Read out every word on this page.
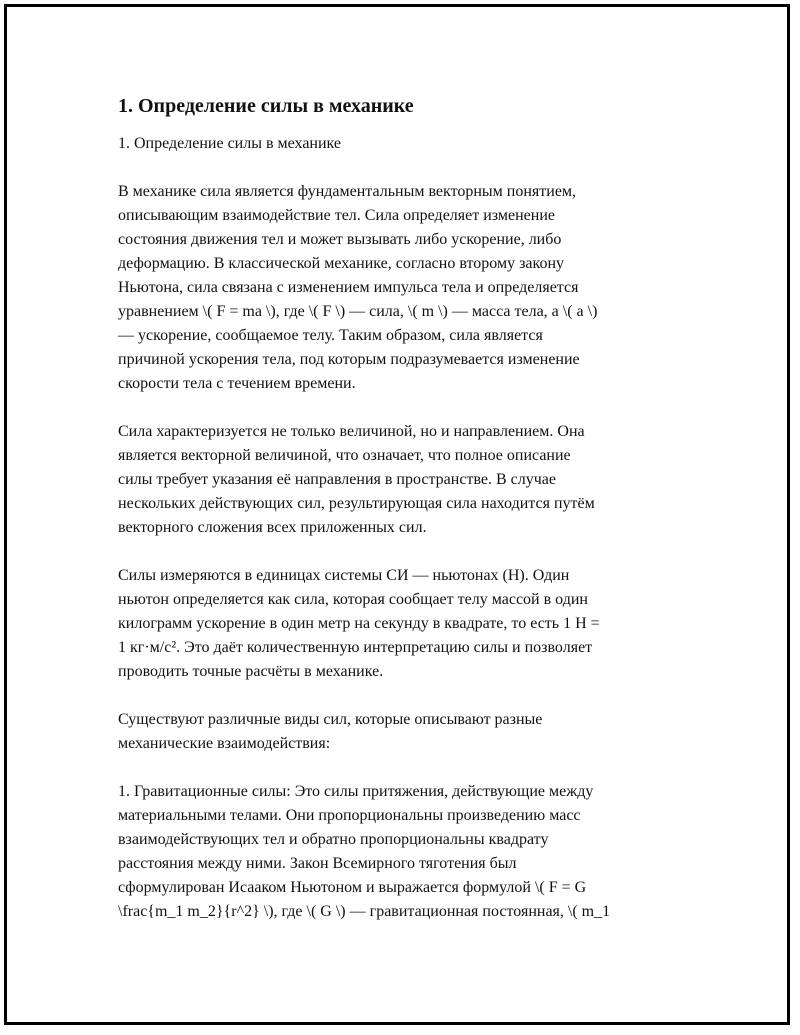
1. Определение силы в механике
1. Определение силы в механике

В механике сила является фундаментальным векторным понятием,
описывающим взаимодействие тел. Сила определяет изменение
состояния движения тел и может вызывать либо ускорение, либо
деформацию. В классической механике, согласно второму закону
Ньютона, сила связана с изменением импульса тела и определяется
уравнением \( F = ma \), где \( F \) — сила, \( m \) — масса тела, а \( a \)
— ускорение, сообщаемое телу. Таким образом, сила является
причиной ускорения тела, под которым подразумевается изменение
скорости тела с течением времени.

Сила характеризуется не только величиной, но и направлением. Она
является векторной величиной, что означает, что полное описание
силы требует указания её направления в пространстве. В случае
нескольких действующих сил, результирующая сила находится путём
векторного сложения всех приложенных сил.

Силы измеряются в единицах системы СИ — ньютонах (Н). Один
ньютон определяется как сила, которая сообщает телу массой в один
килограмм ускорение в один метр на секунду в квадрате, то есть 1 Н =
1 кг·м/с². Это даёт количественную интерпретацию силы и позволяет
проводить точные расчёты в механике.

Существуют различные виды сил, которые описывают разные
механические взаимодействия:

1. Гравитационные силы: Это силы притяжения, действующие между
материальными телами. Они пропорциональны произведению масс
взаимодействующих тел и обратно пропорциональны квадрату
расстояния между ними. Закон Всемирного тяготения был
сформулирован Исааком Ньютоном и выражается формулой \( F = G
\frac{m_1 m_2}{r^2} \), где \( G \) — гравитационная постоянная, \( m_1
